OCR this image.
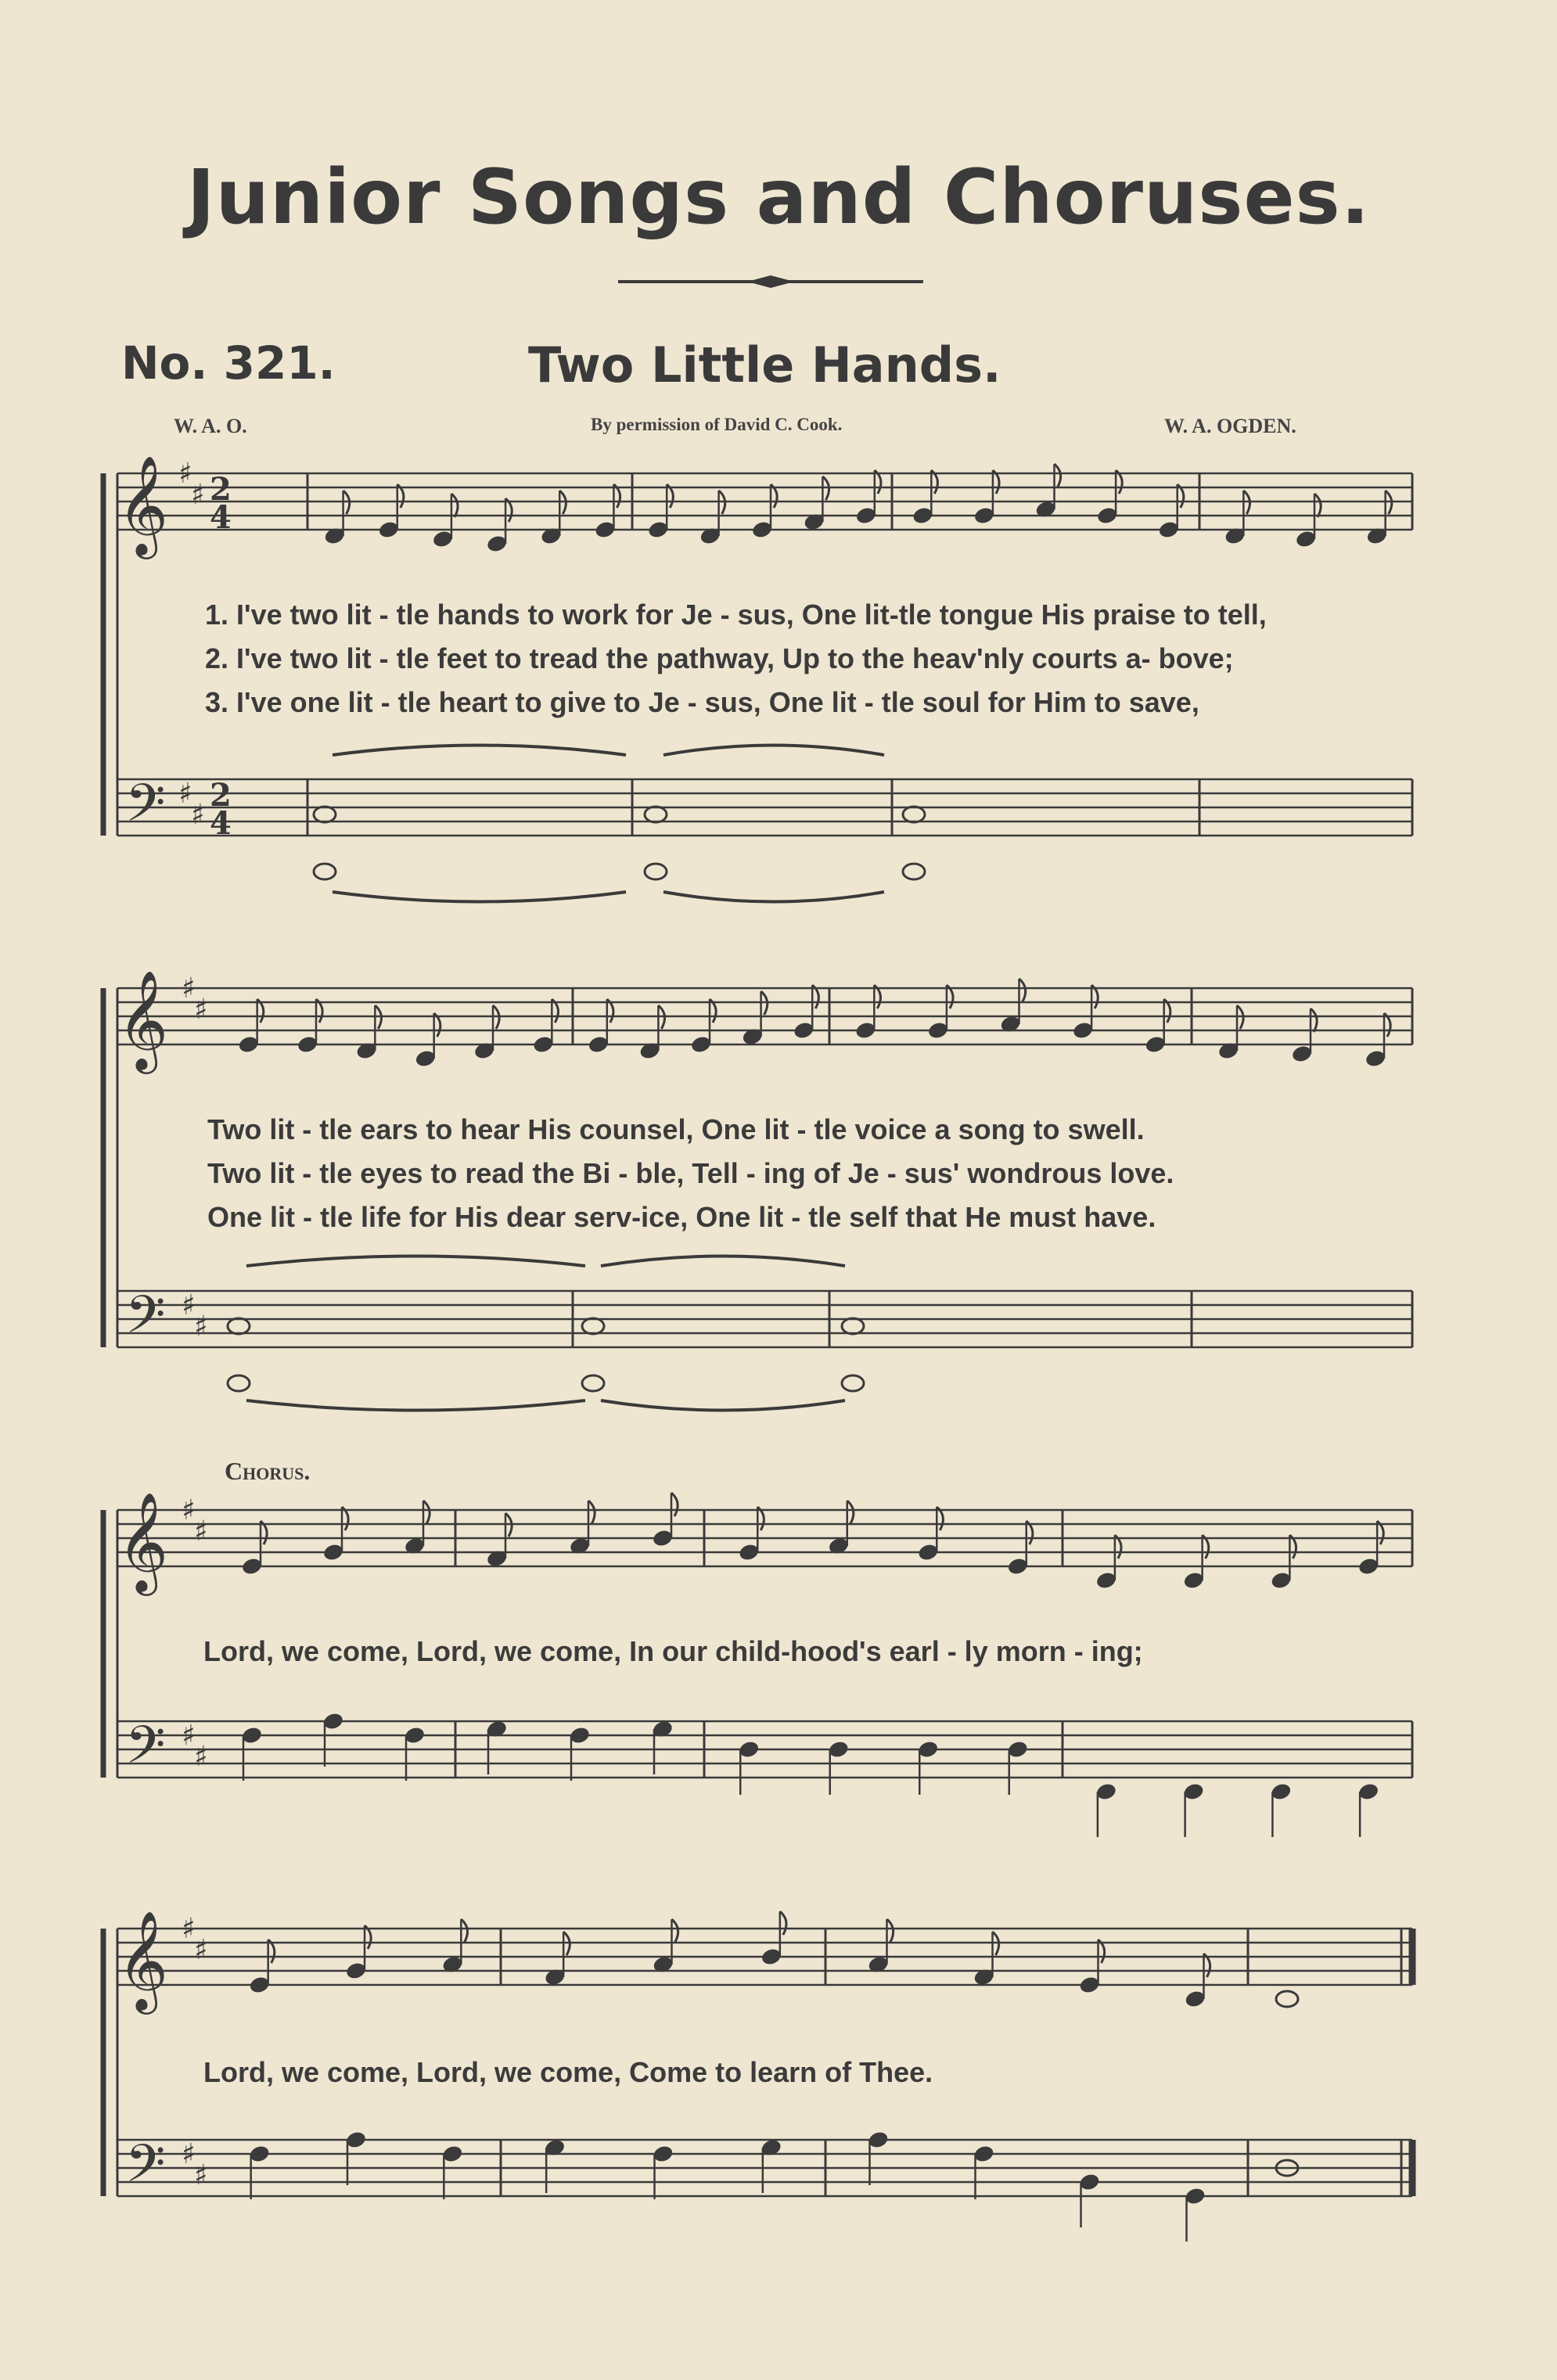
Junior Songs and Choruses.
No. 321.	Two Little Hands.
W. A. O.	By permission of David C. Cook.	W. A. OGDEN.
𝄞
𝄢
♯
♯
♯
♯
2
4
2
4
𝄞
𝄢
♯
♯
♯
♯
𝄞
𝄢
♯
♯
♯
♯
𝄞
𝄢
♯
♯
♯
♯
1. I've two lit - tle hands to work for Je - sus, One lit-tle tongue His praise to tell,
2. I've two lit - tle feet to tread the pathway, Up to the heav'nly courts a- bove;
3. I've one lit - tle heart to give to Je - sus, One lit - tle soul for Him to save,
Two lit - tle ears to hear His counsel, One lit - tle voice a song to swell.
Two lit - tle eyes to read the Bi - ble, Tell - ing of Je - sus' wondrous love.
One lit - tle life for His dear serv-ice, One lit - tle self that He must have.
Chorus.
Lord, we come, Lord, we come, In our child-hood's earl - ly morn - ing;
Lord, we come, Lord, we come, Come to learn of Thee.
